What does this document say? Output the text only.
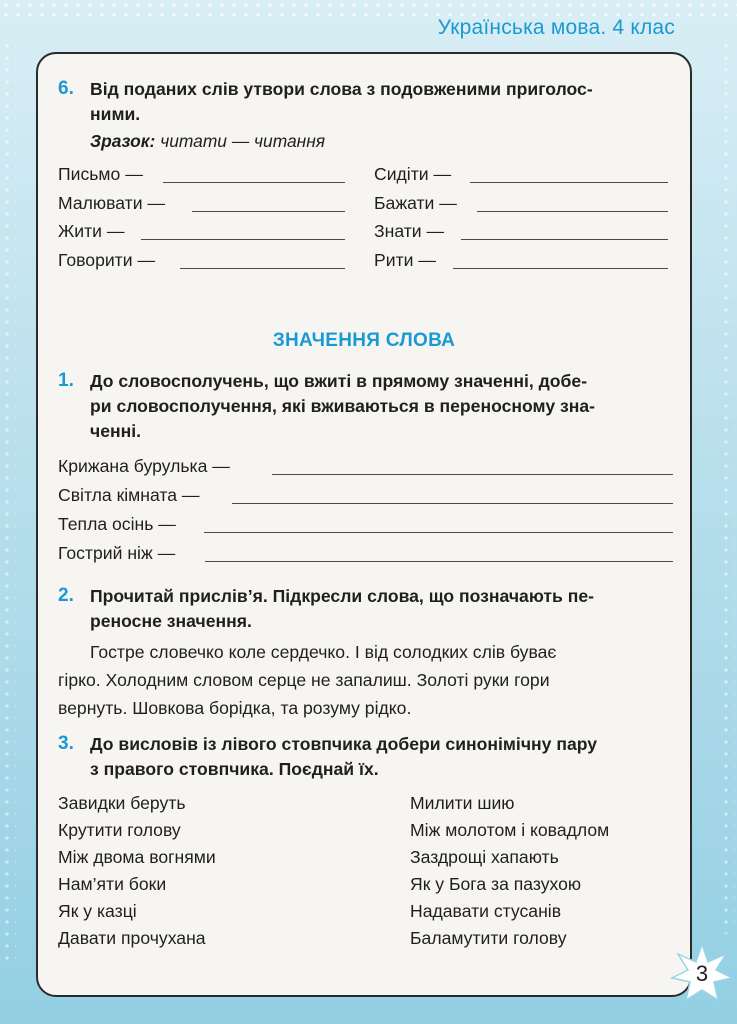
Українська мова. 4 клас
6. Від поданих слів утвори слова з подовженими приголос-
ними.
Зразок: читати — читання
Письмо —
Малювати —
Жити —
Говорити —
Сидіти —
Бажати —
Знати —
Рити —
ЗНАЧЕННЯ СЛОВА
1. До словосполучень, що вжиті в прямому значенні, добе-
ри словосполучення, які вживаються в переносному зна-
ченні.
Крижана бурулька —
Світла кімната —
Тепла осінь —
Гострий ніж —
2. Прочитай прислів’я. Підкресли слова, що позначають пе-
реносне значення.
Гостре словечко коле сердечко. І від солодких слів буває
гірко. Холодним словом серце не запалиш. Золоті руки гори
вернуть. Шовкова борідка, та розуму рідко.
3. До висловів із лівого стовпчика добери синонімічну пару
з правого стовпчика. Поєднай їх.
Завидки беруть
Крутити голову
Між двома вогнями
Нам’яти боки
Як у казці
Давати прочухана
Милити шию
Між молотом і ковадлом
Заздрощі хапають
Як у Бога за пазухою
Надавати стусанів
Баламутити голову
3
